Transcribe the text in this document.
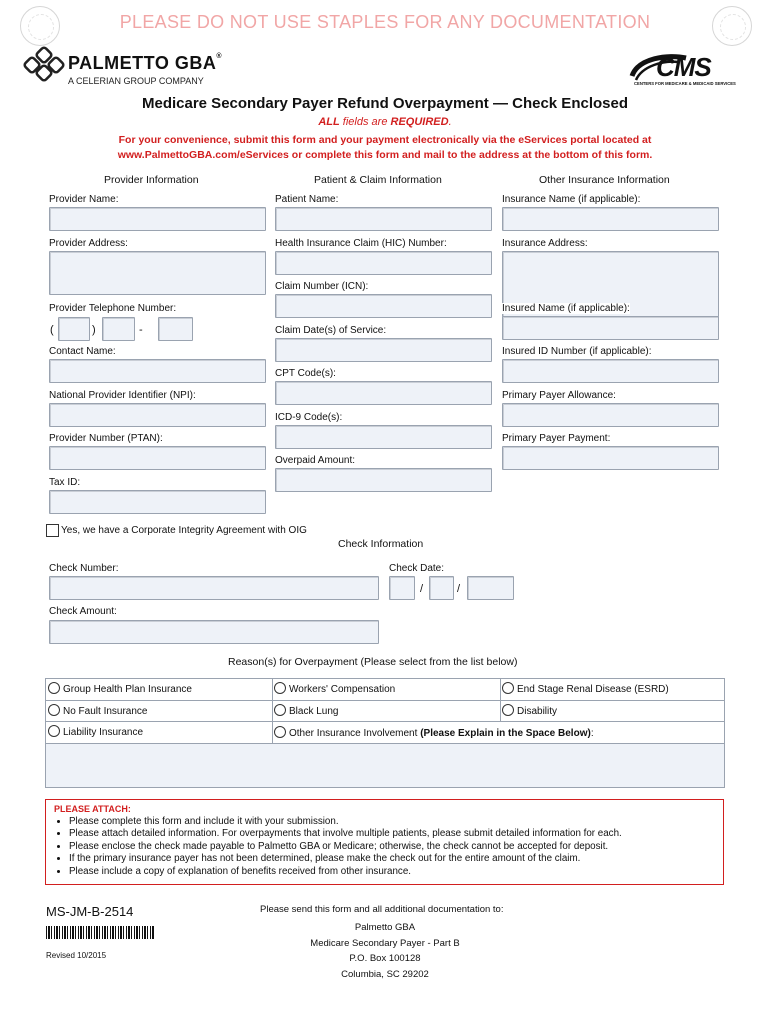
PLEASE DO NOT USE STAPLES FOR ANY DOCUMENTATION
PALMETTO GBA®
A CELERIAN GROUP COMPANY	CMS
CENTERS FOR MEDICARE & MEDICAID SERVICES
Medicare Secondary Payer Refund Overpayment — Check Enclosed
ALL fields are REQUIRED.
For your convenience, submit this form and your payment electronically via the eServices portal located at
www.PalmettoGBA.com/eServices or complete this form and mail to the address at the bottom of this form.
Provider Information	Patient & Claim Information	Other Insurance Information
Provider Name:
Provider Address:
Provider Telephone Number:
(	)	-
Contact Name:
National Provider Identifier (NPI):
Provider Number (PTAN):
Tax ID:
Patient Name:
Health Insurance Claim (HIC) Number:
Claim Number (ICN):
Claim Date(s) of Service:
CPT Code(s):
ICD-9 Code(s):
Overpaid Amount:
Insurance Name (if applicable):
Insurance Address:
Insured Name (if applicable):
Insured ID Number (if applicable):
Primary Payer Allowance:
Primary Payer Payment:
Yes, we have a Corporate Integrity Agreement with OIG
Check Information
Check Number:	Check Date:
/	/
Check Amount:
Reason(s) for Overpayment (Please select from the list below)
Group Health Plan Insurance	Workers' Compensation	End Stage Renal Disease (ESRD)
No Fault Insurance	Black Lung	Disability
Liability Insurance	Other Insurance Involvement (Please Explain in the Space Below):
PLEASE ATTACH:
• Please complete this form and include it with your submission.
• Please attach detailed information. For overpayments that involve multiple patients, please submit detailed information for each.
• Please enclose the check made payable to Palmetto GBA or Medicare; otherwise, the check cannot be accepted for deposit.
• If the primary insurance payer has not been determined, please make the check out for the entire amount of the claim.
• Please include a copy of explanation of benefits received from other insurance.
MS-JM-B-2514
Revised 10/2015
Please send this form and all additional documentation to:
Palmetto GBA
Medicare Secondary Payer - Part B
P.O. Box 100128
Columbia, SC 29202
